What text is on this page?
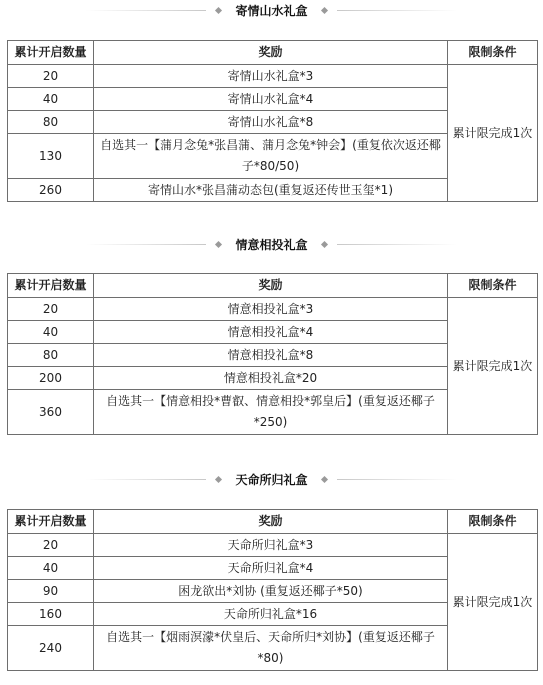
寄情山水礼盒
累计开启数量	奖励	限制条件
20	寄情山水礼盒*3	累计限完成1次
40	寄情山水礼盒*4	
80	寄情山水礼盒*8	
130	自选其一【蒲月念兔*张昌蒲、蒲月念兔*钟会】(重复依次返还椰子*80/50)	
260	寄情山水*张昌蒲动态包(重复返还传世玉玺*1)	
情意相投礼盒
累计开启数量	奖励	限制条件
20	情意相投礼盒*3	累计限完成1次
40	情意相投礼盒*4	
80	情意相投礼盒*8	
200	情意相投礼盒*20	
360	自选其一【情意相投*曹叡、情意相投*郭皇后】(重复返还椰子*250)	
天命所归礼盒
累计开启数量	奖励	限制条件
20	天命所归礼盒*3	累计限完成1次
40	天命所归礼盒*4	
90	困龙欲出*刘协 (重复返还椰子*50)	
160	天命所归礼盒*16	
240	自选其一【烟雨溟濛*伏皇后、天命所归*刘协】(重复返还椰子*80)	
